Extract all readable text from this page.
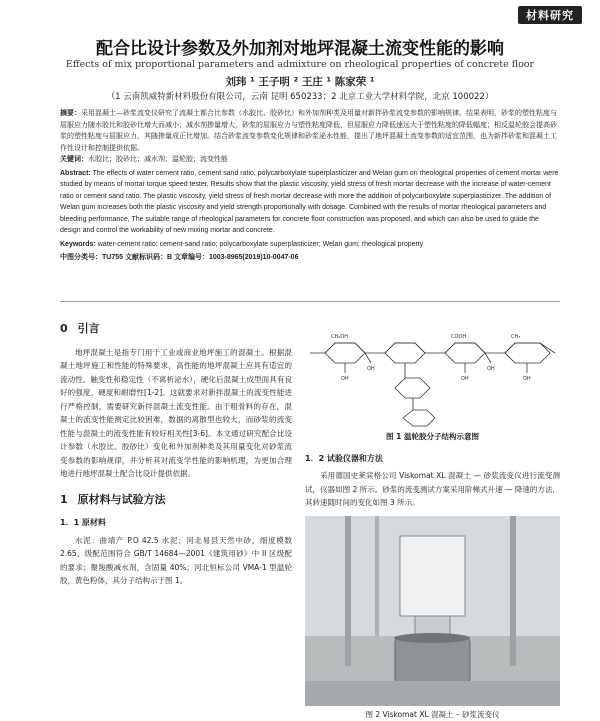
材料研究
配合比设计参数及外加剂对地坪混凝土流变性能的影响
Effects of mix proportional parameters and admixture on rheological properties of concrete floor
刘玮 ¹ 王子明 ² 王庄 ¹ 陈家荣 ¹
（1 云南凯威特新材料股份有限公司，云南 昆明 650233；2 北京工业大学材料学院，北京 100022）

摘要：采用混凝土—砂浆流变仪研究了流凝土都合比参数（水胶比、胶砂比）和外加剂种类及用量对新拌砂浆流变参数的影响规律。结果表明，砂浆的塑性粘度与屈服应力随水胶比和胶砂比增大而减小；减水剂掺量增大，砂浆的屈服应力与塑性粘度降低，但屈服应力降低速远大于塑性粘度的降低幅度；相反温轮胶会提高砂浆的塑性粘度与屈服应力，其随掺量成正比增加。结合砂浆流变参数变化规律和砂浆泌水性能，提出了地坪混凝土流变参数的适宜范围，也为新拌砂浆和混凝土工作性设计和控制提供依据。

关键词：水胶比；胶砂比；减水剂；温轮胶；流变性能

Abstract: The effects of water cement ratio, cement sand ratio, polycarboxylate superplasticizer and Welan gum on rheological properties of cement mortar were studied by means of mortar torque speed tester. Results show that the plastic viscosity, yield stress of fresh mortar decrease with the increase of water-cement ratio or cement sand ratio. The plastic viscosity, yield stress of fresh mortar decrease with more the addition of polycarboxylate superplasticizer. The addition of Welan gum increases both the plastic viscosity and yield strength proportionally with dosage. Combined with the results of mortar rheological parameters and bleeding performance, The suitable range of rheological parameters for concrete floor construction was proposed, and which can also be used to guide the design and control the workability of new mixing mortar and concrete.

Keywords: water-cement ratio; cement-sand ratio; polycarboxylate superplasticizer; Welan gum; rheological property

中图分类号：TU755 文献标识码：B 文章编号：1003-8965(2019)10-0047-06

0 引言

地坪混凝土是指专门用于工业或商业地坪施工的混凝土。根据混凝土地坪施工和性能的特殊要求，高性能的地坪混凝土应具有适宜的流动性、触变性和稳定性（不离析泌水），硬化后混凝土成型面具有良好的强度、硬度和耐磨性[1-2]。这就要求对新拌混凝土的流变性能进行严格控制，需要研究新拌混凝土流变性能。由于粗骨料的存在，混凝土的流变性能测定比较困难，数据的离散型也较大，而砂浆的流变性能与混凝土的流变性能有较好相关性[3-6]。本文通过研究配合比设计参数（水胶比、胶砂比）变化和外加剂种类及其用量变化对砂浆流变参数的影响规律，并分析其对流变学性能的影响机理，为更加合理地进行地坪混凝土配合比设计提供依据。

1 原材料与试验方法
1．1 原材料

水泥：曲靖产 P.O 42.5 水泥；河北易县天然中砂，细度模数 2.65，级配范围符合 GB/T 14684—2001《建筑用砂》中 II 区级配的要求；聚羧酸减水剂，含固量 40%；河北恒标公司 VMA-1 型温轮胶，黄色粉体，其分子结构示于图 1。

OH	OH	OH
OH	OH
CH₂OH	COOH	CH₃
图 1 温轮胶分子结构示意图
1．2 试验仪器和方法

采用德国史莱宾格公司 Viskomat XL 混凝土 — 砂浆流变仪进行流变测试，仪器如图 2 所示。砂浆的流变测试方案采用阶梯式升速 — 降速的方法，其转速随时间的变化如图 3 所示。

图 2 Viskomat XL 混凝土 – 砂浆流变仪
